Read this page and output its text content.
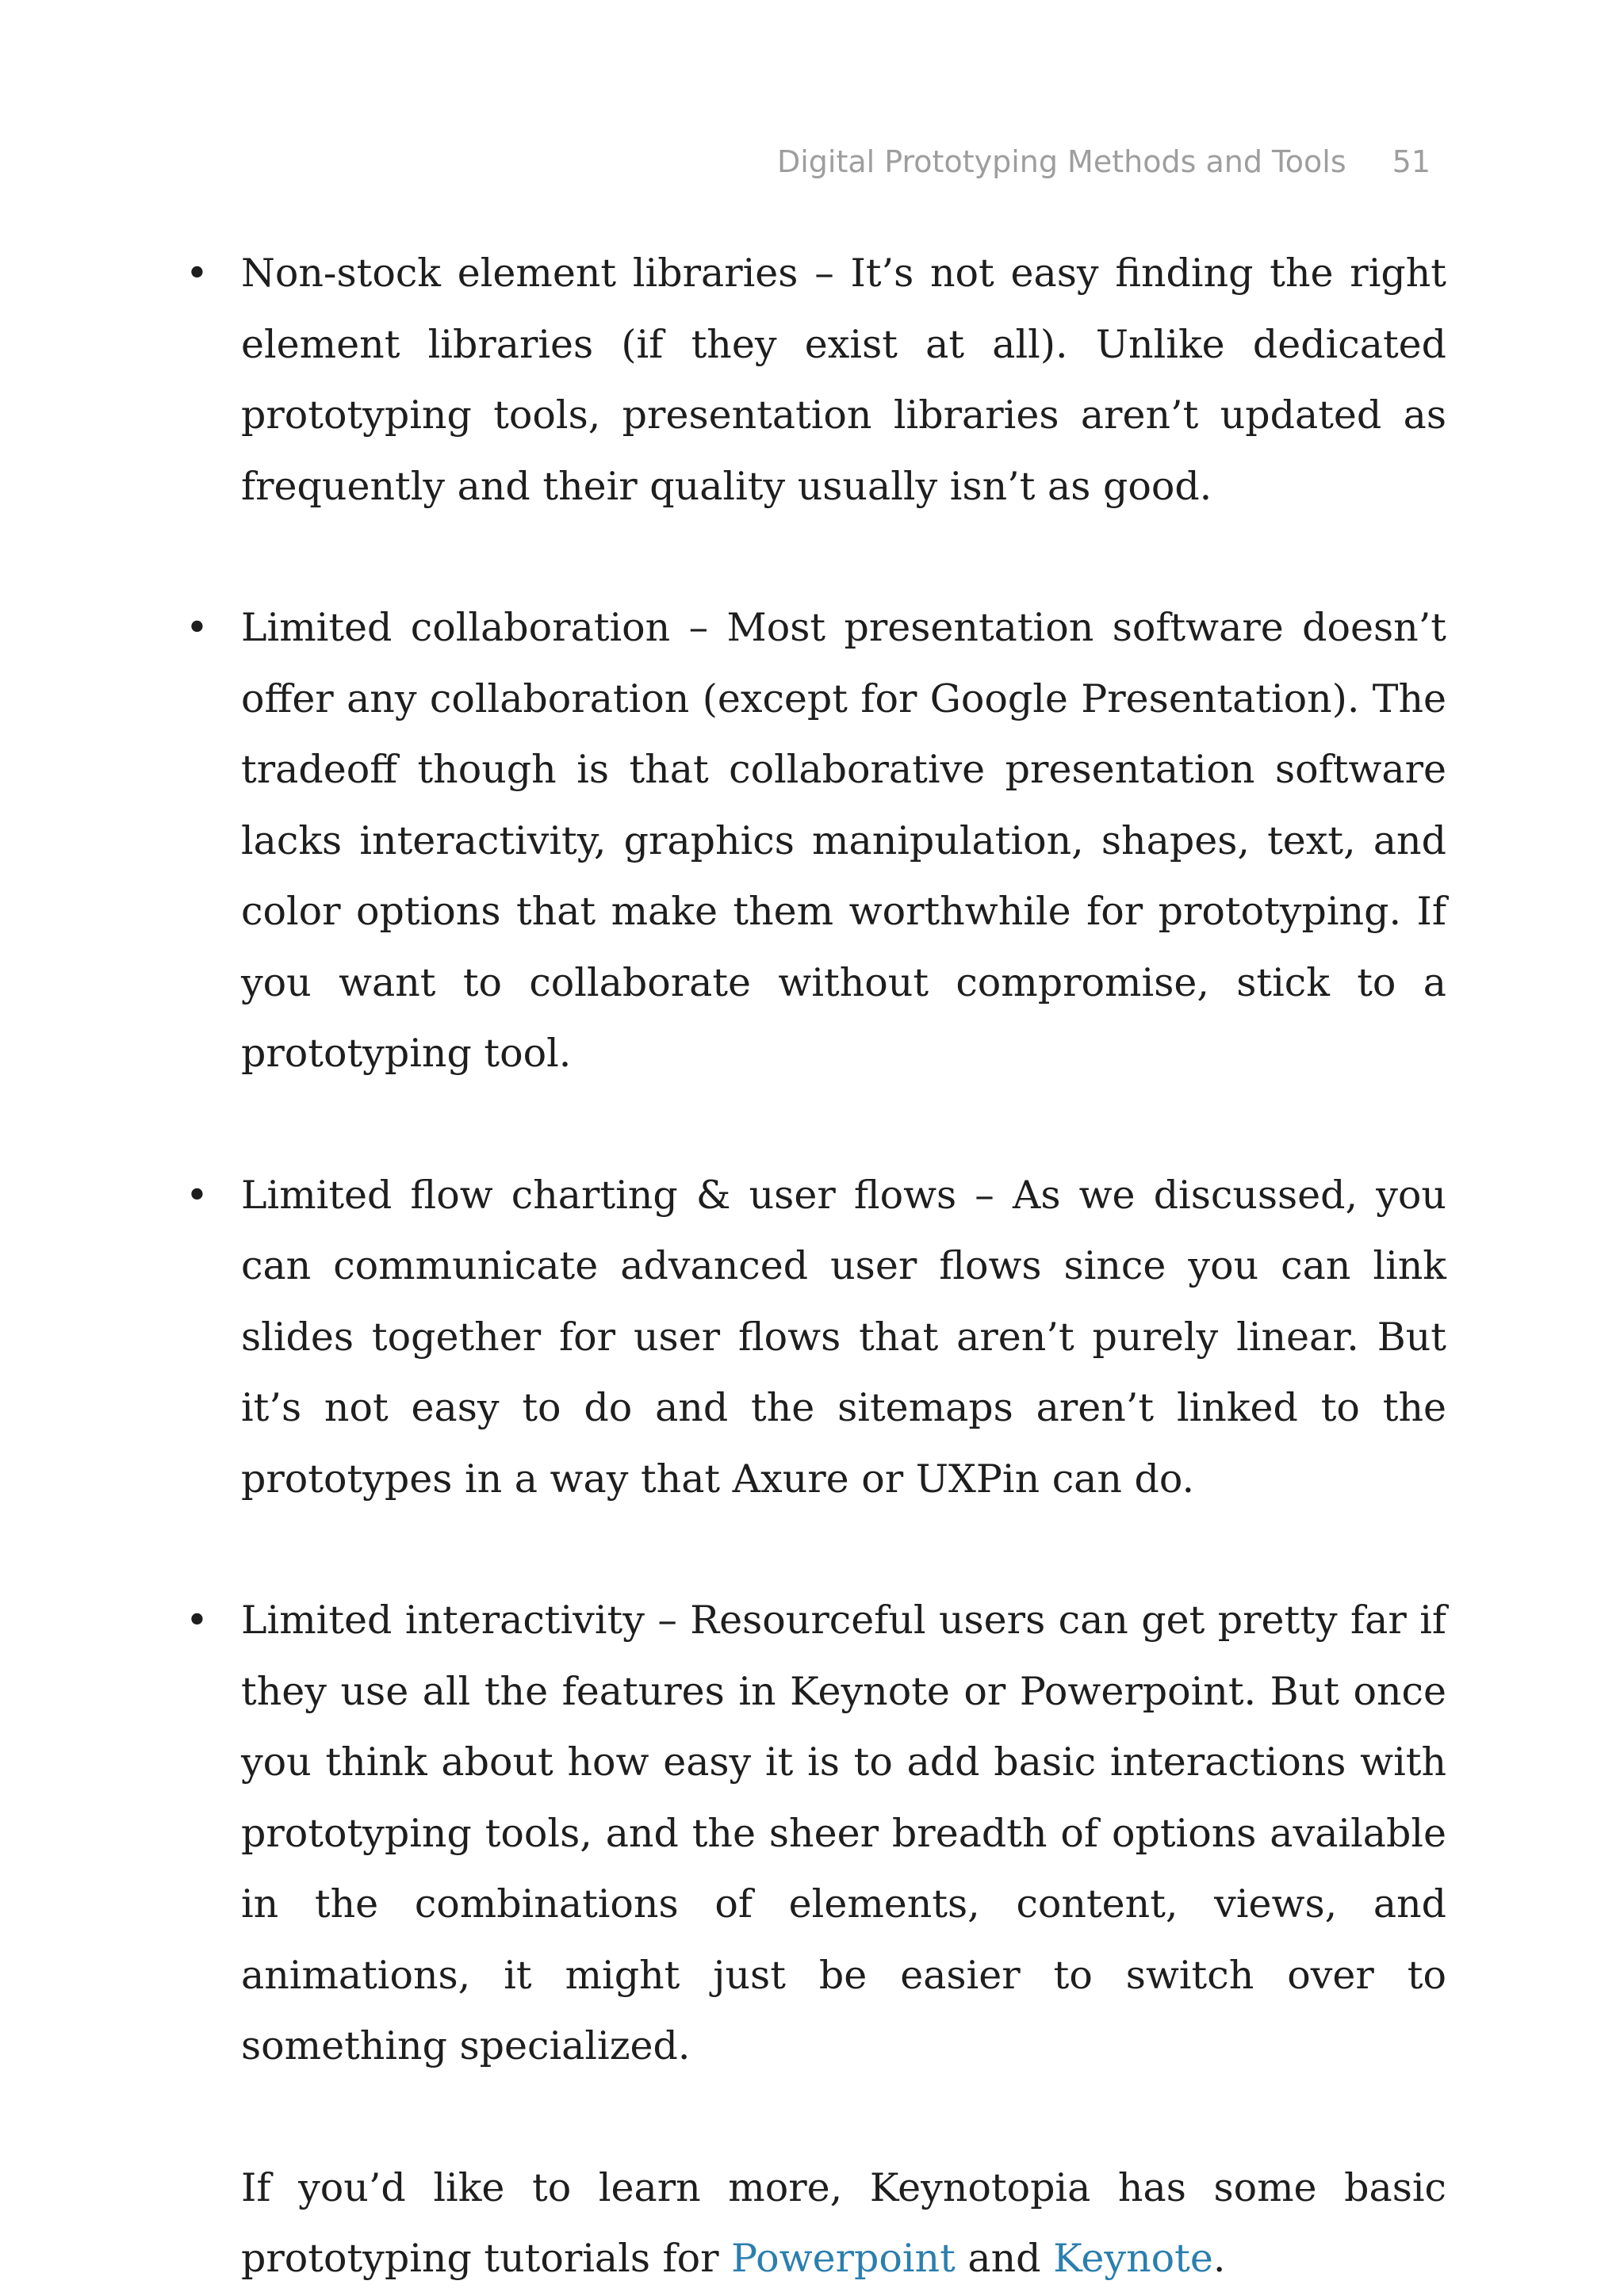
Digital Prototyping Methods and Tools 51

• Non-stock element libraries – It’s not easy finding the right element libraries (if they exist at all). Unlike dedicated prototyping tools, presentation libraries aren’t updated as frequently and their quality usually isn’t as good.

• Limited collaboration – Most presentation software doesn’t offer any collaboration (except for Google Presentation). The tradeoff though is that collaborative presentation software lacks interactivity, graphics manipulation, shapes, text, and color options that make them worthwhile for prototyping. If you want to collaborate without compromise, stick to a prototyping tool.

• Limited flow charting & user flows – As we discussed, you can communicate advanced user flows since you can link slides together for user flows that aren’t purely linear. But it’s not easy to do and the sitemaps aren’t linked to the prototypes in a way that Axure or UXPin can do.

• Limited interactivity – Resourceful users can get pretty far if they use all the features in Keynote or Powerpoint. But once you think about how easy it is to add basic interactions with prototyping tools, and the sheer breadth of options available in the combinations of elements, content, views, and animations, it might just be easier to switch over to something specialized.

If you’d like to learn more, Keynotopia has some basic prototyping tutorials for Powerpoint and Keynote.
